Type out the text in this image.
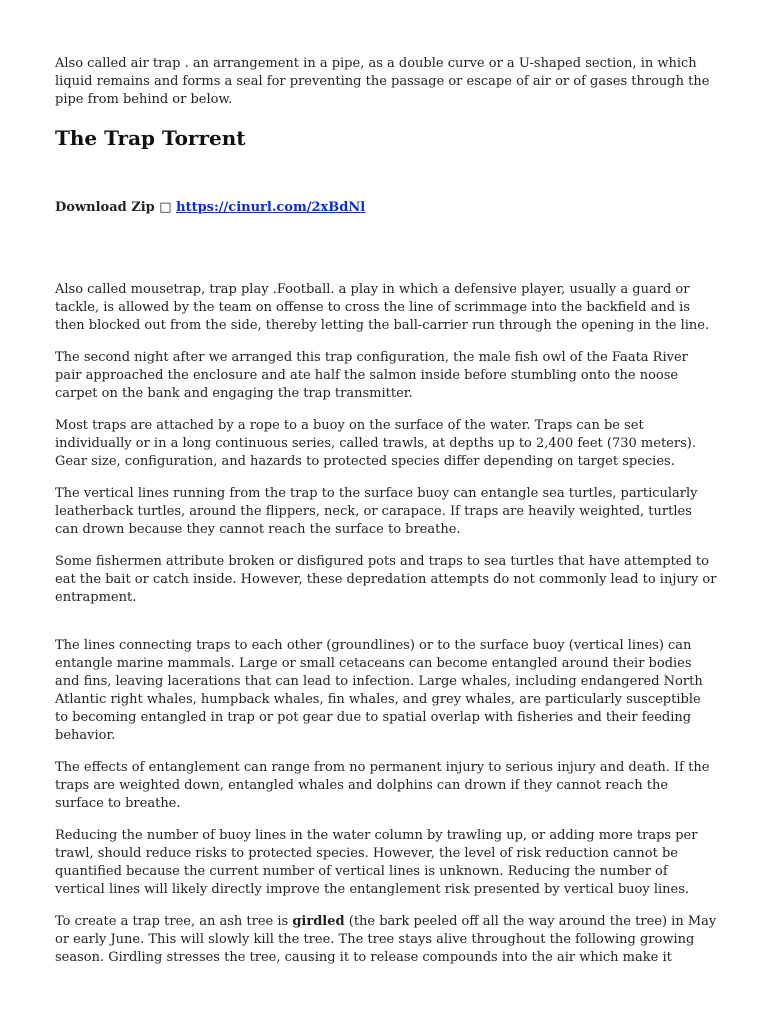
Also called air trap . an arrangement in a pipe, as a double curve or a U-shaped section, in which liquid remains and forms a seal for preventing the passage or escape of air or of gases through the pipe from behind or below.

The Trap Torrent
Download Zip □ https://cinurl.com/2xBdNl

Also called mousetrap, trap play .Football. a play in which a defensive player, usually a guard or tackle, is allowed by the team on offense to cross the line of scrimmage into the backfield and is then blocked out from the side, thereby letting the ball-carrier run through the opening in the line.

The second night after we arranged this trap configuration, the male fish owl of the Faata River pair approached the enclosure and ate half the salmon inside before stumbling onto the noose carpet on the bank and engaging the trap transmitter.

Most traps are attached by a rope to a buoy on the surface of the water. Traps can be set individually or in a long continuous series, called trawls, at depths up to 2,400 feet (730 meters). Gear size, configuration, and hazards to protected species differ depending on target species.

The vertical lines running from the trap to the surface buoy can entangle sea turtles, particularly leatherback turtles, around the flippers, neck, or carapace. If traps are heavily weighted, turtles can drown because they cannot reach the surface to breathe.

Some fishermen attribute broken or disfigured pots and traps to sea turtles that have attempted to eat the bait or catch inside. However, these depredation attempts do not commonly lead to injury or entrapment.

The lines connecting traps to each other (groundlines) or to the surface buoy (vertical lines) can entangle marine mammals. Large or small cetaceans can become entangled around their bodies and fins, leaving lacerations that can lead to infection. Large whales, including endangered North Atlantic right whales, humpback whales, fin whales, and grey whales, are particularly susceptible to becoming entangled in trap or pot gear due to spatial overlap with fisheries and their feeding behavior.

The effects of entanglement can range from no permanent injury to serious injury and death. If the traps are weighted down, entangled whales and dolphins can drown if they cannot reach the surface to breathe.

Reducing the number of buoy lines in the water column by trawling up, or adding more traps per trawl, should reduce risks to protected species. However, the level of risk reduction cannot be quantified because the current number of vertical lines is unknown. Reducing the number of vertical lines will likely directly improve the entanglement risk presented by vertical buoy lines.

To create a trap tree, an ash tree is girdled (the bark peeled off all the way around the tree) in May or early June. This will slowly kill the tree. The tree stays alive throughout the following growing season. Girdling stresses the tree, causing it to release compounds into the air which make it
